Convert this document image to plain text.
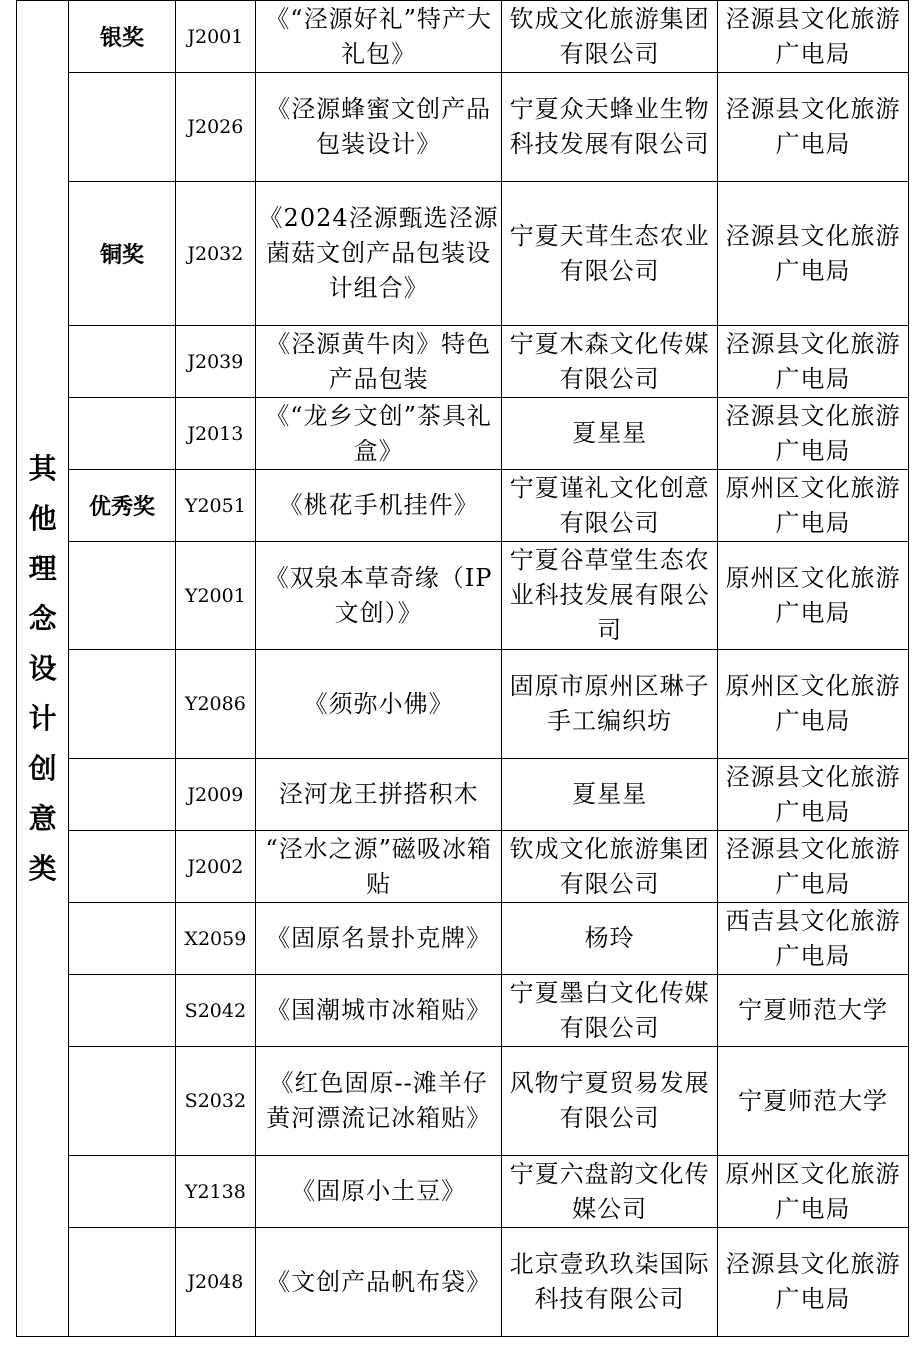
其他理念设计创意类	银奖	J2001	《“泾源好礼”特产大礼包》	钦成文化旅游集团有限公司	泾源县文化旅游广电局
		J2026	《泾源蜂蜜文创产品包装设计》	宁夏众天蜂业生物科技发展有限公司	泾源县文化旅游广电局
	铜奖	J2032	《2024泾源甄选泾源菌菇文创产品包装设计组合》	宁夏天茸生态农业有限公司	泾源县文化旅游广电局
		J2039	《泾源黄牛肉》特色产品包装	宁夏木森文化传媒有限公司	泾源县文化旅游广电局
		J2013	《“龙乡文创”茶具礼盒》	夏星星	泾源县文化旅游广电局
	优秀奖	Y2051	《桃花手机挂件》	宁夏谨礼文化创意有限公司	原州区文化旅游广电局
		Y2001	《双泉本草奇缘（IP文创）》	宁夏谷草堂生态农业科技发展有限公司	原州区文化旅游广电局
		Y2086	《须弥小佛》	固原市原州区琳子手工编织坊	原州区文化旅游广电局
		J2009	泾河龙王拼搭积木	夏星星	泾源县文化旅游广电局
		J2002	“泾水之源”磁吸冰箱贴	钦成文化旅游集团有限公司	泾源县文化旅游广电局
		X2059	《固原名景扑克牌》	杨玲	西吉县文化旅游广电局
		S2042	《国潮城市冰箱贴》	宁夏墨白文化传媒有限公司	宁夏师范大学
		S2032	《红色固原--滩羊仔黄河漂流记冰箱贴》	风物宁夏贸易发展有限公司	宁夏师范大学
		Y2138	《固原小土豆》	宁夏六盘韵文化传媒公司	原州区文化旅游广电局
		J2048	《文创产品帆布袋》	北京壹玖玖柒国际科技有限公司	泾源县文化旅游广电局
